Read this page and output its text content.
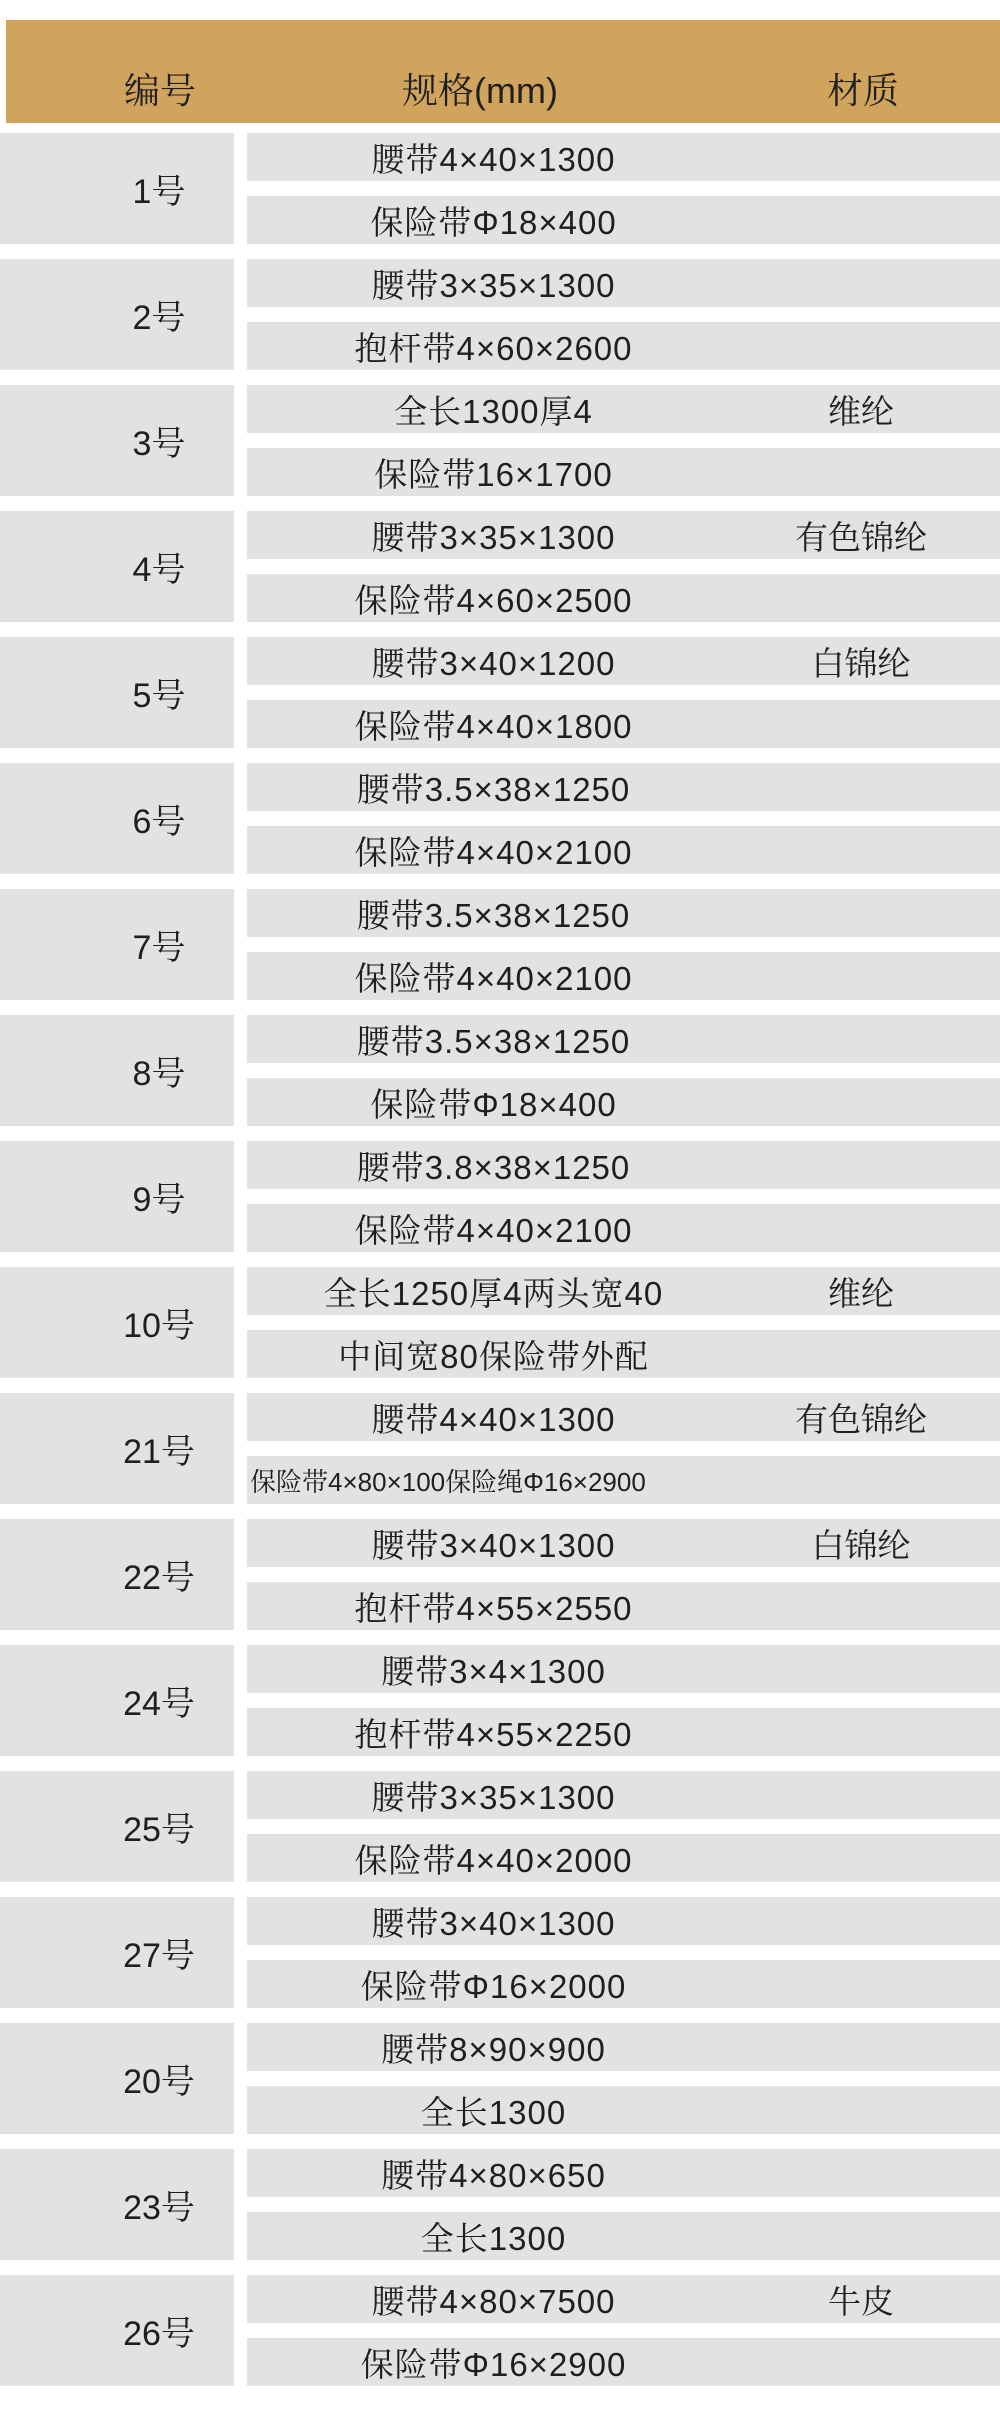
编号	规格(mm)	材质
1号
腰带4×40×1300
保险带Φ18×400
2号
腰带3×35×1300
抱杆带4×60×2600
3号
全长1300厚4	维纶
保险带16×1700
4号
腰带3×35×1300	有色锦纶
保险带4×60×2500
5号
腰带3×40×1200	白锦纶
保险带4×40×1800
6号
腰带3.5×38×1250
保险带4×40×2100
7号
腰带3.5×38×1250
保险带4×40×2100
8号
腰带3.5×38×1250
保险带Φ18×400
9号
腰带3.8×38×1250
保险带4×40×2100
10号
全长1250厚4两头宽40	维纶
中间宽80保险带外配
21号
腰带4×40×1300	有色锦纶
保险带4×80×100保险绳Φ16×2900
22号
腰带3×40×1300	白锦纶
抱杆带4×55×2550
24号
腰带3×4×1300
抱杆带4×55×2250
25号
腰带3×35×1300
保险带4×40×2000
27号
腰带3×40×1300
保险带Φ16×2000
20号
腰带8×90×900
全长1300
23号
腰带4×80×650
全长1300
26号
腰带4×80×7500	牛皮
保险带Φ16×2900
